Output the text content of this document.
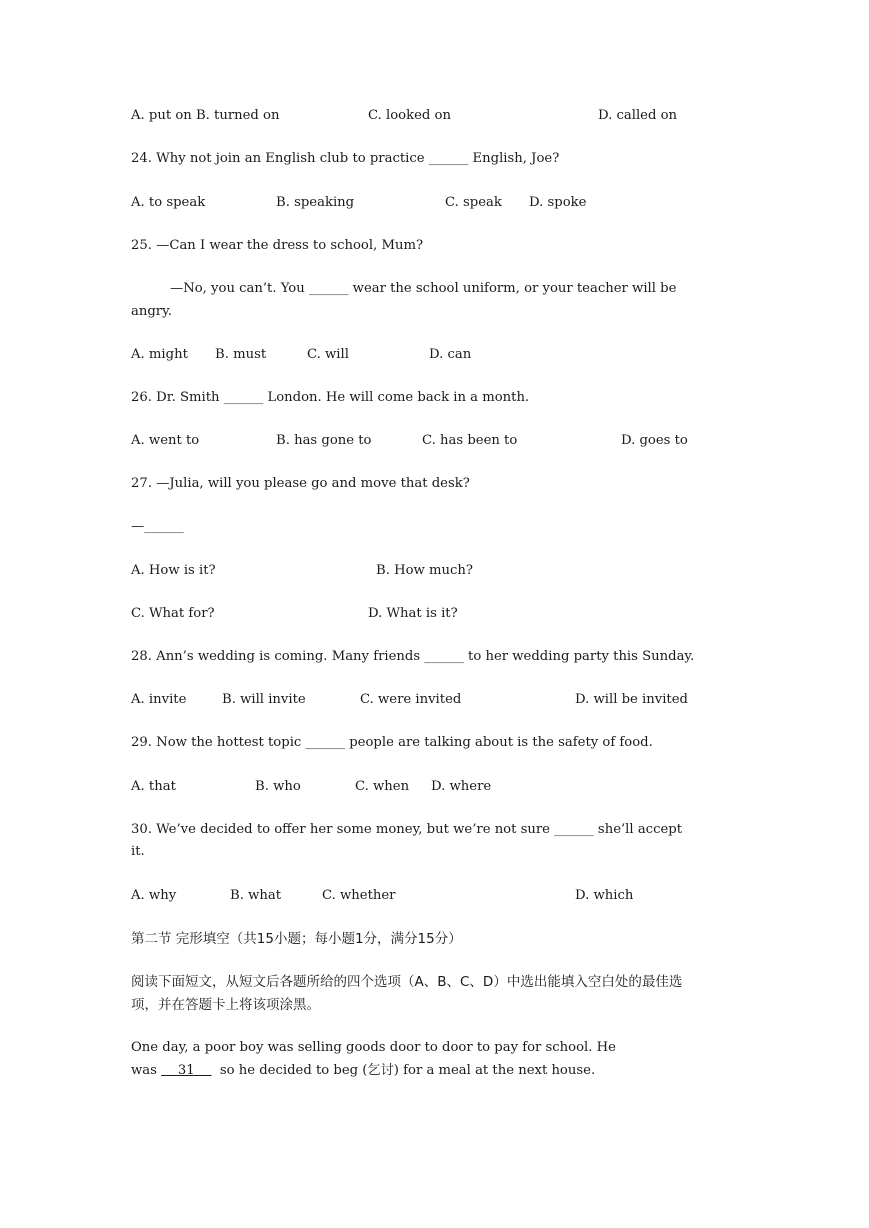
A. put on B. turned on	C. looked on	D. called on
24. Why not join an English club to practice ______ English, Joe?
A. to speak	B. speaking	C. speak D. spoke
25. —Can I wear the dress to school, Mum?
—No, you can’t. You ______ wear the school uniform, or your teacher will be
angry.
A. might B. must	C. will	D. can
26. Dr. Smith ______ London. He will come back in a month.
A. went to	B. has gone to	C. has been to	D. goes to
27. —Julia, will you please go and move that desk?
—______
A. How is it?	B. How much?
C. What for?	D. What is it?
28. Ann’s wedding is coming. Many friends ______ to her wedding party this Sunday.
A. invite	B. will invite	C. were invited	D. will be invited
29. Now the hottest topic ______ people are talking about is the safety of food.
A. that	B. who	C. when D. where
30. We’ve decided to offer her some money, but we’re not sure ______ she’ll accept
it.
A. why	B. what	C. whether	D. which
第二节 完形填空（共15小题；每小题1分，满分15分）
阅读下面短文，从短文后各题所给的四个选项（A、B、C、D）中选出能填入空白处的最佳选
项，并在答题卡上将该项涂黑。
One day, a poor boy was selling goods door to door to pay for school. He
was     31      so he decided to beg (乞讨) for a meal at the next house.
